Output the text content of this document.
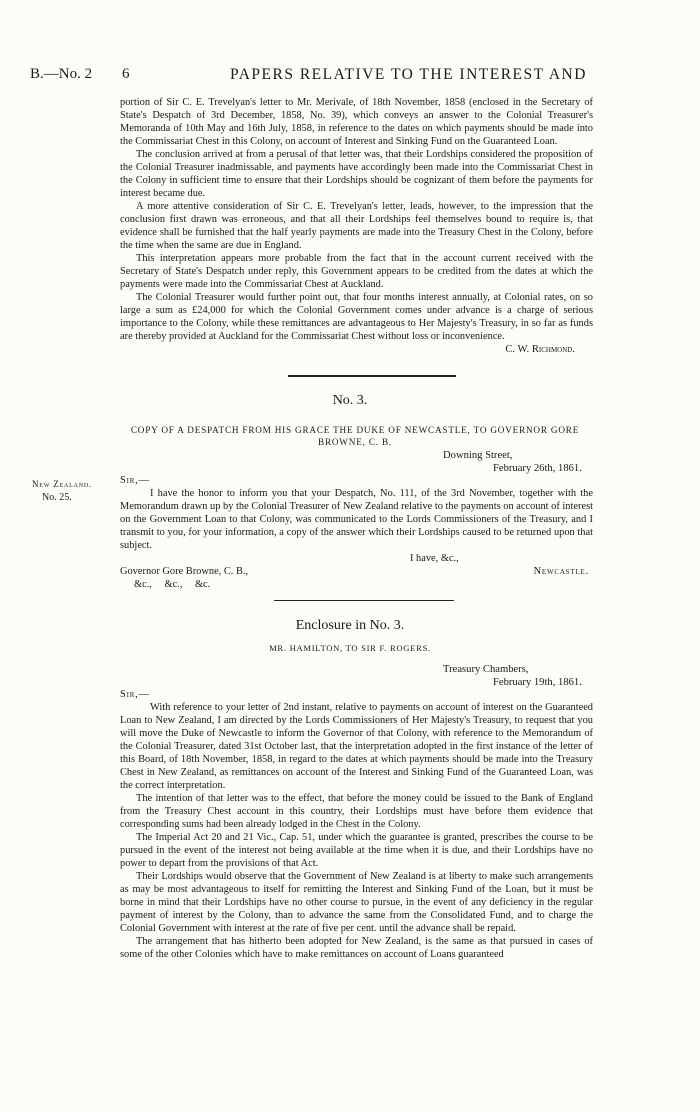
B.—No. 2 6	PAPERS RELATIVE TO THE INTEREST AND

portion of Sir C. E. Trevelyan's letter to Mr. Merivale, of 18th November, 1858 (enclosed in the Secretary of State's Despatch of 3rd December, 1858, No. 39), which conveys an answer to the Colonial Treasurer's Memoranda of 10th May and 16th July, 1858, in reference to the dates on which payments should be made into the Commissariat Chest in this Colony, on account of Interest and Sinking Fund on the Guaranteed Loan.

The conclusion arrived at from a perusal of that letter was, that their Lordships considered the proposition of the Colonial Treasurer inadmissable, and payments have accordingly been made into the Commissariat Chest in the Colony in sufficient time to ensure that their Lordships should be cognizant of them before the payments for interest became due.

A more attentive consideration of Sir C. E. Trevelyan's letter, leads, however, to the impression that the conclusion first drawn was erroneous, and that all their Lordships feel themselves bound to require is, that evidence shall be furnished that the half yearly payments are made into the Treasury Chest in the Colony, before the time when the same are due in England.

This interpretation appears more probable from the fact that in the account current received with the Secretary of State's Despatch under reply, this Government appears to be credited from the dates at which the payments were made into the Commissariat Chest at Auckland.

The Colonial Treasurer would further point out, that four months interest annually, at Colonial rates, on so large a sum as £24,000 for which the Colonial Government comes under advance is a charge of serious importance to the Colony, while these remittances are advantageous to Her Majesty's Treasury, in so far as funds are thereby provided at Auckland for the Commissariat Chest without loss or inconvenience.

C. W. Richmond.
No. 3.
COPY OF A DESPATCH FROM HIS GRACE THE DUKE OF NEWCASTLE, TO GOVERNOR GORE
BROWNE, C. B.
Downing Street,
February 26th, 1861.
New Zealand.
No. 25.

Sir,—

I have the honor to inform you that your Despatch, No. 111, of the 3rd November, together with the Memorandum drawn up by the Colonial Treasurer of New Zealand relative to the payments on account of interest on the Government Loan to that Colony, was communicated to the Lords Commissioners of the Treasury, and I transmit to you, for your information, a copy of the answer which their Lordships caused to be returned upon that subject.

I have, &c.,
Governor Gore Browne, C. B.,	Newcastle.
&c., &c., &c.
Enclosure in No. 3.
MR. HAMILTON, TO SIR F. ROGERS.
Treasury Chambers,
February 19th, 1861.

Sir,—

With reference to your letter of 2nd instant, relative to payments on account of interest on the Guaranteed Loan to New Zealand, I am directed by the Lords Commissioners of Her Majesty's Treasury, to request that you will move the Duke of Newcastle to inform the Governor of that Colony, with reference to the Memorandum of the Colonial Treasurer, dated 31st October last, that the interpretation adopted in the first instance of the letter of this Board, of 18th November, 1858, in regard to the dates at which payments should be made into the Treasury Chest in New Zealand, as remittances on account of the Interest and Sinking Fund of the Guaranteed Loan, was the correct interpretation.

The intention of that letter was to the effect, that before the money could be issued to the Bank of England from the Treasury Chest account in this country, their Lordships must have before them evidence that corresponding sums had been already lodged in the Chest in the Colony.

The Imperial Act 20 and 21 Vic., Cap. 51, under which the guarantee is granted, prescribes the course to be pursued in the event of the interest not being available at the time when it is due, and their Lordships have no power to depart from the provisions of that Act.

Their Lordships would observe that the Government of New Zealand is at liberty to make such arrangements as may be most advantageous to itself for remitting the Interest and Sinking Fund of the Loan, but it must be borne in mind that their Lordships have no other course to pursue, in the event of any deficiency in the regular payment of interest by the Colony, than to advance the same from the Consolidated Fund, and to charge the Colonial Government with interest at the rate of five per cent. until the advance shall be repaid.

The arrangement that has hitherto been adopted for New Zealand, is the same as that pursued in cases of some of the other Colonies which have to make remittances on account of Loans guaranteed
